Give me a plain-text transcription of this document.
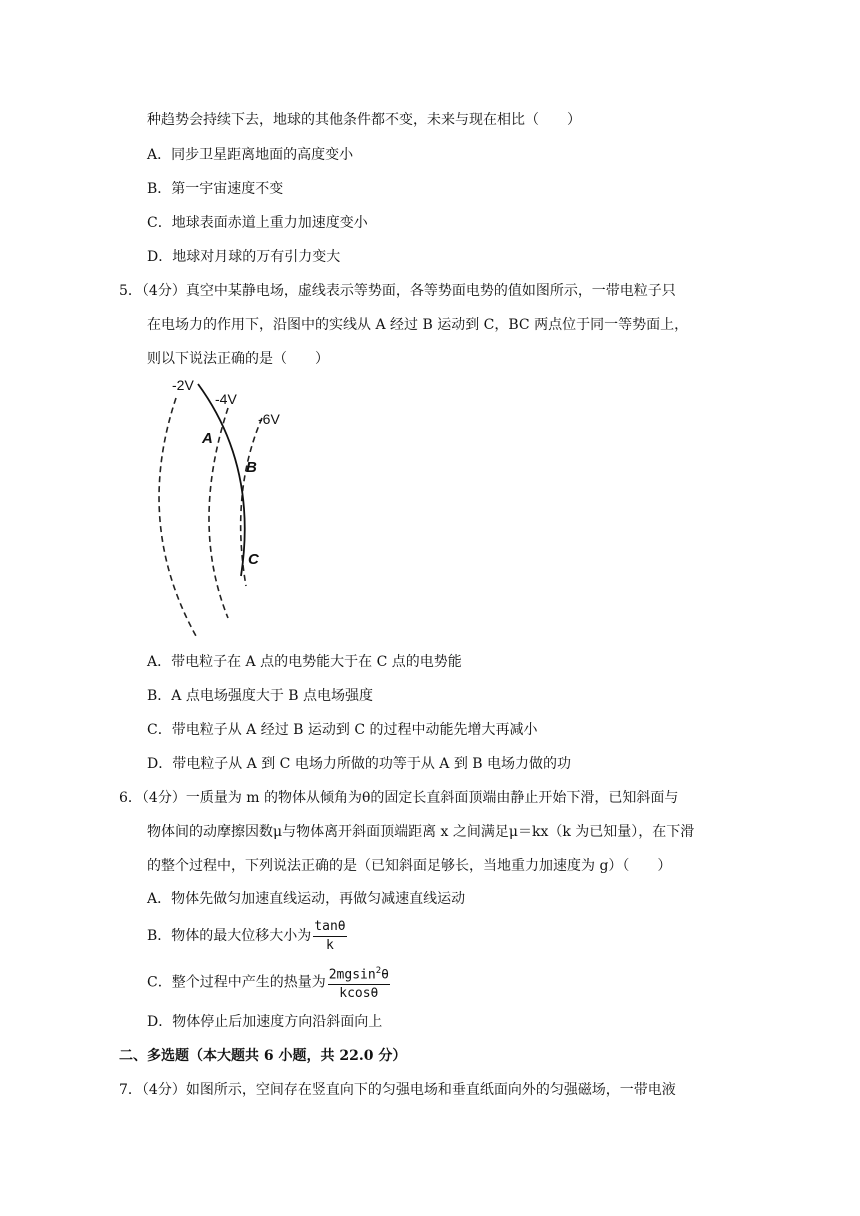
种趋势会持续下去，地球的其他条件都不变，未来与现在相比（　　）
A．同步卫星距离地面的高度变小
B．第一宇宙速度不变
C．地球表面赤道上重力加速度变小
D．地球对月球的万有引力变大
5．（4分）真空中某静电场，虚线表示等势面，各等势面电势的值如图所示，一带电粒子只
在电场力的作用下，沿图中的实线从 A 经过 B 运动到 C，BC 两点位于同一等势面上，
则以下说法正确的是（　　）
-2V
-4V
-6V
A
B
C
A．带电粒子在 A 点的电势能大于在 C 点的电势能
B．A 点电场强度大于 B 点电场强度
C．带电粒子从 A 经过 B 运动到 C 的过程中动能先增大再减小
D．带电粒子从 A 到 C 电场力所做的功等于从 A 到 B 电场力做的功
6．（4分）一质量为 m 的物体从倾角为θ的固定长直斜面顶端由静止开始下滑，已知斜面与
物体间的动摩擦因数μ与物体离开斜面顶端距离 x 之间满足μ＝kx（k 为已知量），在下滑
的整个过程中，下列说法正确的是（已知斜面足够长，当地重力加速度为 g）（　　）
A．物体先做匀加速直线运动，再做匀减速直线运动
B．物体的最大位移大小为 $\frac{\tan\theta}{k}$
C．整个过程中产生的热量为 $\frac{2mgsin^2\theta}{kcos\theta}$
D．物体停止后加速度方向沿斜面向上
二、多选题（本大题共 6 小题，共 22.0 分）
7．（4分）如图所示，空间存在竖直向下的匀强电场和垂直纸面向外的匀强磁场，一带电液
